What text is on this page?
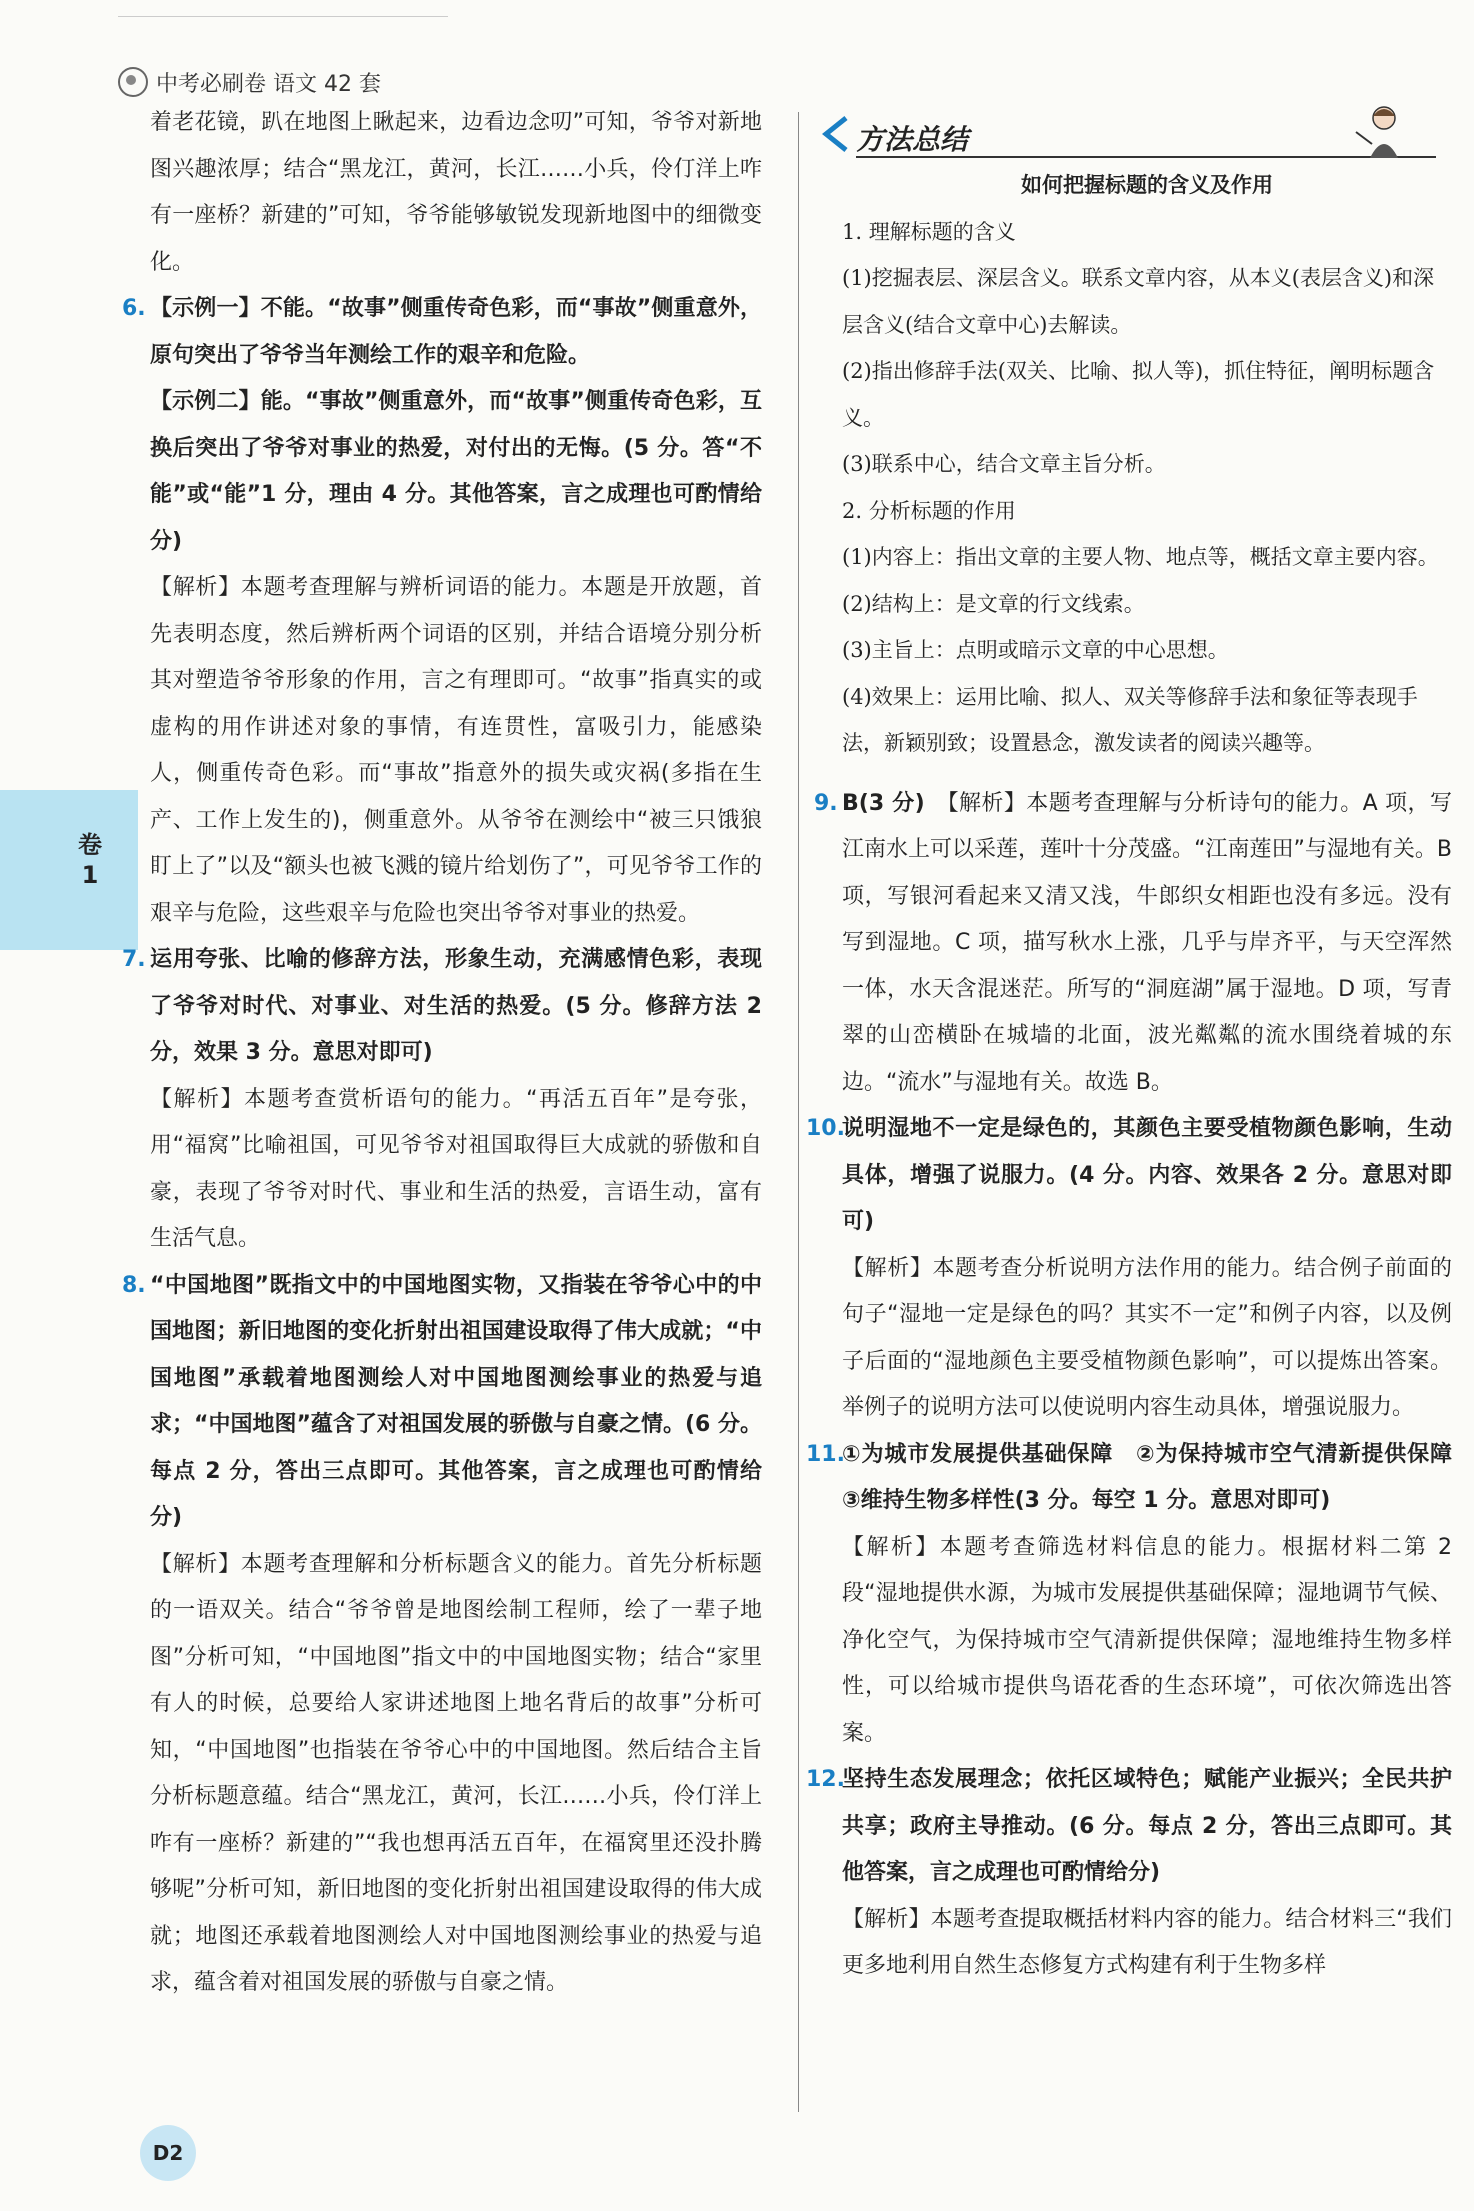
中考必刷卷 语文 42 套
卷
1

着老花镜，趴在地图上瞅起来，边看边念叨”可知，爷爷对新地图兴趣浓厚；结合“黑龙江，黄河，长江……小兵，伶仃洋上咋有一座桥？新建的”可知，爷爷能够敏锐发现新地图中的细微变化。

6. 【示例一】不能。“故事”侧重传奇色彩，而“事故”侧重意外，原句突出了爷爷当年测绘工作的艰辛和危险。

【示例二】能。“事故”侧重意外，而“故事”侧重传奇色彩，互换后突出了爷爷对事业的热爱，对付出的无悔。(5 分。答“不能”或“能”1 分，理由 4 分。其他答案，言之成理也可酌情给分)

【解析】本题考查理解与辨析词语的能力。本题是开放题，首先表明态度，然后辨析两个词语的区别，并结合语境分别分析其对塑造爷爷形象的作用，言之有理即可。“故事”指真实的或虚构的用作讲述对象的事情，有连贯性，富吸引力，能感染人，侧重传奇色彩。而“事故”指意外的损失或灾祸(多指在生产、工作上发生的)，侧重意外。从爷爷在测绘中“被三只饿狼盯上了”以及“额头也被飞溅的镜片给划伤了”，可见爷爷工作的艰辛与危险，这些艰辛与危险也突出爷爷对事业的热爱。

7. 运用夸张、比喻的修辞方法，形象生动，充满感情色彩，表现了爷爷对时代、对事业、对生活的热爱。(5 分。修辞方法 2 分，效果 3 分。意思对即可)

【解析】本题考查赏析语句的能力。“再活五百年”是夸张，用“福窝”比喻祖国，可见爷爷对祖国取得巨大成就的骄傲和自豪，表现了爷爷对时代、事业和生活的热爱，言语生动，富有生活气息。

8. “中国地图”既指文中的中国地图实物，又指装在爷爷心中的中国地图；新旧地图的变化折射出祖国建设取得了伟大成就；“中国地图”承载着地图测绘人对中国地图测绘事业的热爱与追求；“中国地图”蕴含了对祖国发展的骄傲与自豪之情。(6 分。每点 2 分，答出三点即可。其他答案，言之成理也可酌情给分)

【解析】本题考查理解和分析标题含义的能力。首先分析标题的一语双关。结合“爷爷曾是地图绘制工程师，绘了一辈子地图”分析可知，“中国地图”指文中的中国地图实物；结合“家里有人的时候，总要给人家讲述地图上地名背后的故事”分析可知，“中国地图”也指装在爷爷心中的中国地图。然后结合主旨分析标题意蕴。结合“黑龙江，黄河，长江……小兵，伶仃洋上咋有一座桥？新建的”“我也想再活五百年，在福窝里还没扑腾够呢”分析可知，新旧地图的变化折射出祖国建设取得的伟大成就；地图还承载着地图测绘人对中国地图测绘事业的热爱与追求，蕴含着对祖国发展的骄傲与自豪之情。

方法总结

如何把握标题的含义及作用

1. 理解标题的含义

(1)挖掘表层、深层含义。联系文章内容，从本义(表层含义)和深层含义(结合文章中心)去解读。

(2)指出修辞手法(双关、比喻、拟人等)，抓住特征，阐明标题含义。

(3)联系中心，结合文章主旨分析。

2. 分析标题的作用

(1)内容上：指出文章的主要人物、地点等，概括文章主要内容。

(2)结构上：是文章的行文线索。

(3)主旨上：点明或暗示文章的中心思想。

(4)效果上：运用比喻、拟人、双关等修辞手法和象征等表现手法，新颖别致；设置悬念，激发读者的阅读兴趣等。

9. B(3 分)　 【解析】本题考查理解与分析诗句的能力。A 项，写江南水上可以采莲，莲叶十分茂盛。“江南莲田”与湿地有关。B 项，写银河看起来又清又浅，牛郎织女相距也没有多远。没有写到湿地。C 项，描写秋水上涨，几乎与岸齐平，与天空浑然一体，水天含混迷茫。所写的“洞庭湖”属于湿地。D 项，写青翠的山峦横卧在城墙的北面，波光粼粼的流水围绕着城的东边。“流水”与湿地有关。故选 B。

10.

说明湿地不一定是绿色的，其颜色主要受植物颜色影响，生动具体，增强了说服力。(4 分。内容、效果各 2 分。意思对即可)

【解析】本题考查分析说明方法作用的能力。结合例子前面的句子“湿地一定是绿色的吗？其实不一定”和例子内容，以及例子后面的“湿地颜色主要受植物颜色影响”，可以提炼出答案。举例子的说明方法可以使说明内容生动具体，增强说服力。

11.

①为城市发展提供基础保障　②为保持城市空气清新提供保障　③维持生物多样性(3 分。每空 1 分。意思对即可)

【解析】本题考查筛选材料信息的能力。根据材料二第 2 段“湿地提供水源，为城市发展提供基础保障；湿地调节气候、净化空气，为保持城市空气清新提供保障；湿地维持生物多样性，可以给城市提供鸟语花香的生态环境”，可依次筛选出答案。

12.

坚持生态发展理念；依托区域特色；赋能产业振兴；全民共护共享；政府主导推动。(6 分。每点 2 分，答出三点即可。其他答案，言之成理也可酌情给分)

【解析】本题考查提取概括材料内容的能力。结合材料三“我们更多地利用自然生态修复方式构建有利于生物多样

D2
